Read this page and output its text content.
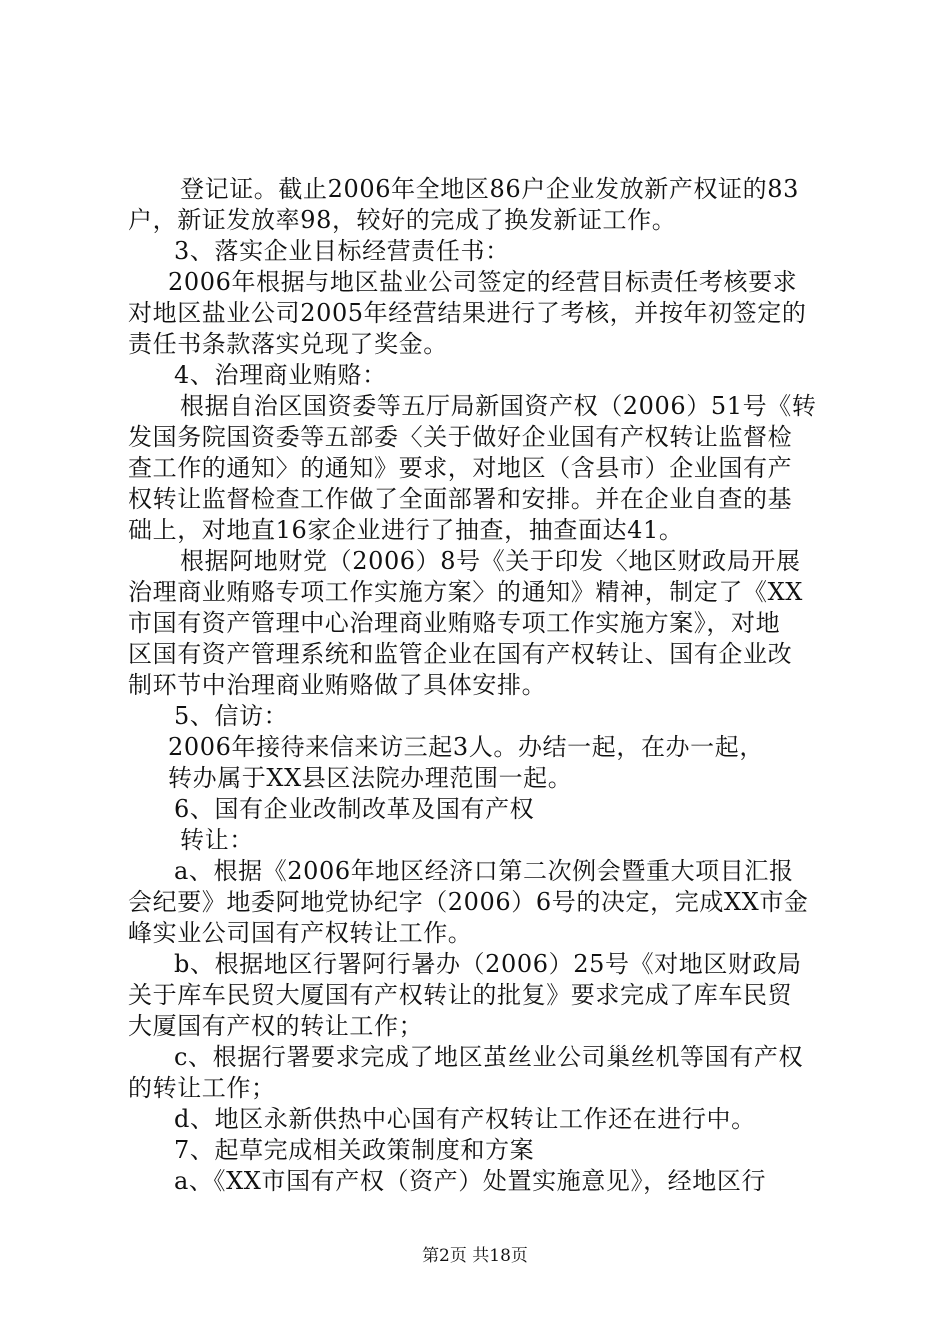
登记证。截止2006年全地区86户企业发放新产权证的83
户，新证发放率98，较好的完成了换发新证工作。
3、落实企业目标经营责任书：
2006年根据与地区盐业公司签定的经营目标责任考核要求
对地区盐业公司2005年经营结果进行了考核，并按年初签定的
责任书条款落实兑现了奖金。
4、治理商业贿赂：
根据自治区国资委等五厅局新国资产权（2006）51号《转
发国务院国资委等五部委〈关于做好企业国有产权转让监督检
查工作的通知〉的通知》要求，对地区（含县市）企业国有产
权转让监督检查工作做了全面部署和安排。并在企业自查的基
础上，对地直16家企业进行了抽查，抽查面达41。
根据阿地财党（2006）8号《关于印发〈地区财政局开展
治理商业贿赂专项工作实施方案〉的通知》精神，制定了《XX
市国有资产管理中心治理商业贿赂专项工作实施方案》，对地
区国有资产管理系统和监管企业在国有产权转让、国有企业改
制环节中治理商业贿赂做了具体安排。
5、信访：
2006年接待来信来访三起3人。办结一起，在办一起，
转办属于XX县区法院办理范围一起。
6、国有企业改制改革及国有产权
转让：
a、根据《2006年地区经济口第二次例会暨重大项目汇报
会纪要》地委阿地党协纪字（2006）6号的决定，完成XX市金
峰实业公司国有产权转让工作。
b、根据地区行署阿行暑办（2006）25号《对地区财政局
关于库车民贸大厦国有产权转让的批复》要求完成了库车民贸
大厦国有产权的转让工作；
c、根据行署要求完成了地区茧丝业公司巢丝机等国有产权
的转让工作；
d、地区永新供热中心国有产权转让工作还在进行中。
7、起草完成相关政策制度和方案
a、《XX市国有产权（资产）处置实施意见》，经地区行
第2页 共18页
